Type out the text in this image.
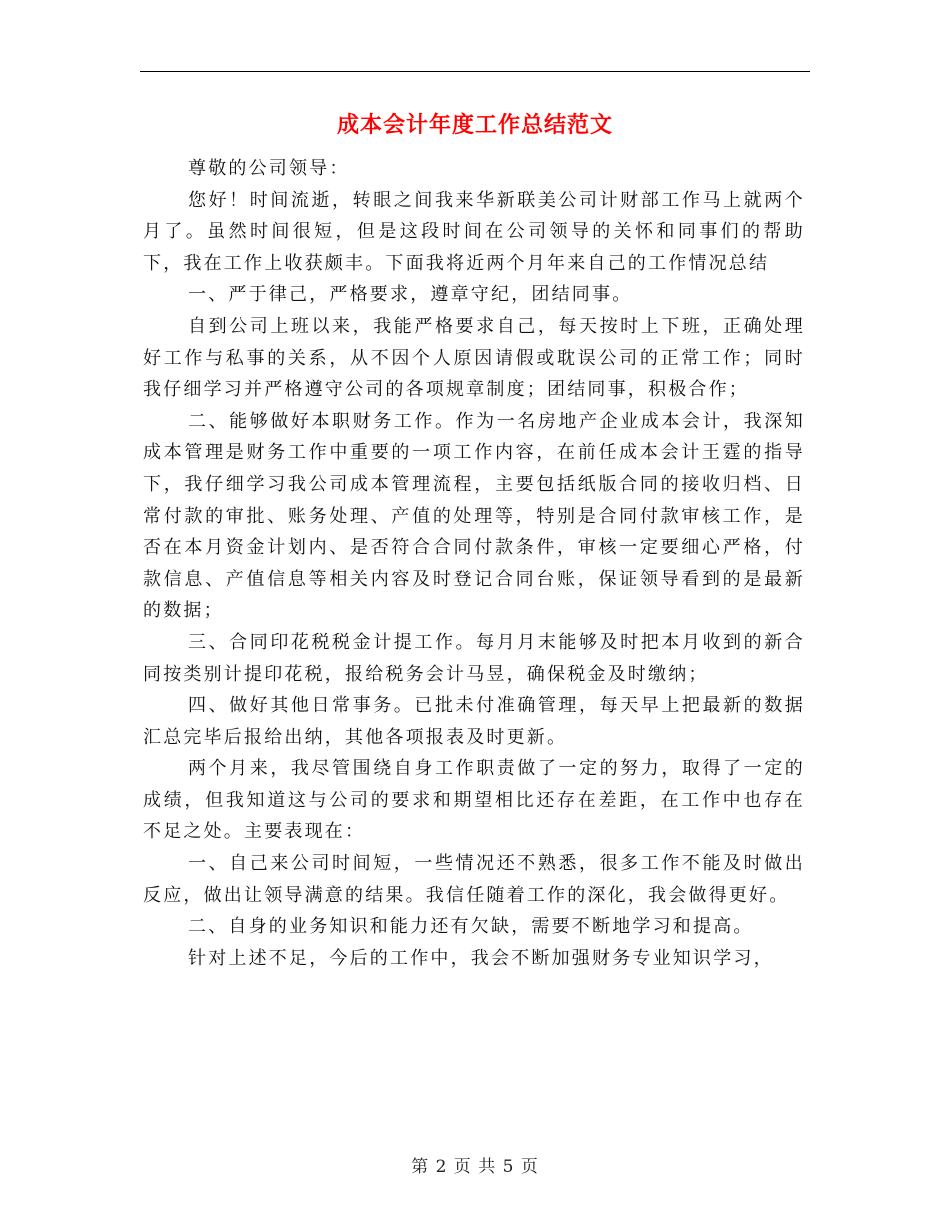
成本会计年度工作总结范文

尊敬的公司领导：

您好！时间流逝，转眼之间我来华新联美公司计财部工作马上就两个月了。虽然时间很短，但是这段时间在公司领导的关怀和同事们的帮助下，我在工作上收获颇丰。下面我将近两个月年来自己的工作情况总结

一、严于律己，严格要求，遵章守纪，团结同事。

自到公司上班以来，我能严格要求自己，每天按时上下班，正确处理好工作与私事的关系，从不因个人原因请假或耽误公司的正常工作；同时我仔细学习并严格遵守公司的各项规章制度；团结同事，积极合作；

二、能够做好本职财务工作。作为一名房地产企业成本会计，我深知成本管理是财务工作中重要的一项工作内容，在前任成本会计王霆的指导下，我仔细学习我公司成本管理流程，主要包括纸版合同的接收归档、日常付款的审批、账务处理、产值的处理等，特别是合同付款审核工作，是否在本月资金计划内、是否符合合同付款条件，审核一定要细心严格，付款信息、产值信息等相关内容及时登记合同台账，保证领导看到的是最新的数据；

三、合同印花税税金计提工作。每月月末能够及时把本月收到的新合同按类别计提印花税，报给税务会计马昱，确保税金及时缴纳；

四、做好其他日常事务。已批未付准确管理，每天早上把最新的数据汇总完毕后报给出纳，其他各项报表及时更新。

两个月来，我尽管围绕自身工作职责做了一定的努力，取得了一定的成绩，但我知道这与公司的要求和期望相比还存在差距，在工作中也存在不足之处。主要表现在：

一、自己来公司时间短，一些情况还不熟悉，很多工作不能及时做出反应，做出让领导满意的结果。我信任随着工作的深化，我会做得更好。

二、自身的业务知识和能力还有欠缺，需要不断地学习和提高。

针对上述不足，今后的工作中，我会不断加强财务专业知识学习，

第 2 页 共 5 页
